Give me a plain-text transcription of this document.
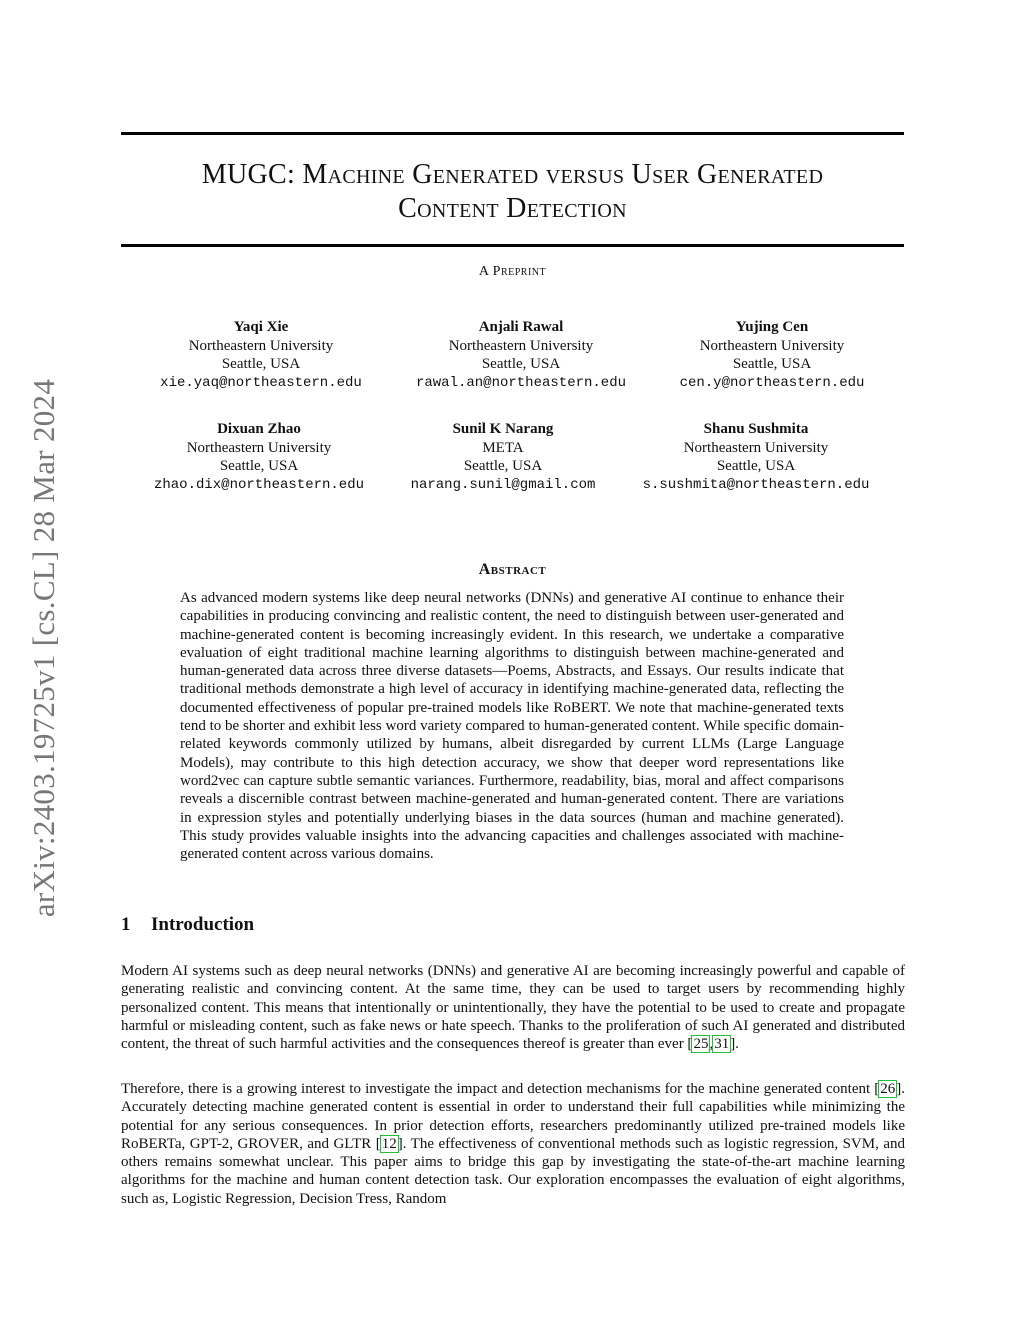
arXiv:2403.19725v1 [cs.CL] 28 Mar 2024
MUGC: Machine Generated versus User Generated
Content Detection
A Preprint
Yaqi Xie
Northeastern University
Seattle, USA
xie.yaq@northeastern.edu
Anjali Rawal
Northeastern University
Seattle, USA
rawal.an@northeastern.edu
Yujing Cen
Northeastern University
Seattle, USA
cen.y@northeastern.edu
Dixuan Zhao
Northeastern University
Seattle, USA
zhao.dix@northeastern.edu
Sunil K Narang
META
Seattle, USA
narang.sunil@gmail.com
Shanu Sushmita
Northeastern University
Seattle, USA
s.sushmita@northeastern.edu
Abstract

As advanced modern systems like deep neural networks (DNNs) and generative AI continue to enhance their capabilities in producing convincing and realistic content, the need to distinguish between user-generated and machine-generated content is becoming increasingly evident. In this research, we undertake a comparative evaluation of eight traditional machine learning algorithms to distinguish between machine-generated and human-generated data across three diverse datasets—Poems, Abstracts, and Essays. Our results indicate that traditional methods demonstrate a high level of accuracy in identifying machine-generated data, reflecting the documented effectiveness of popular pre-trained models like RoBERT. We note that machine-generated texts tend to be shorter and exhibit less word variety compared to human-generated content. While specific domain-related keywords commonly utilized by humans, albeit disregarded by current LLMs (Large Language Models), may contribute to this high detection accuracy, we show that deeper word representations like word2vec can capture subtle semantic variances. Furthermore, readability, bias, moral and affect comparisons reveals a discernible contrast between machine-generated and human-generated content. There are variations in expression styles and potentially underlying biases in the data sources (human and machine generated). This study provides valuable insights into the advancing capacities and challenges associated with machine-generated content across various domains.

1 Introduction

Modern AI systems such as deep neural networks (DNNs) and generative AI are becoming increasingly powerful and capable of generating realistic and convincing content. At the same time, they can be used to target users by recommending highly personalized content. This means that intentionally or unintentionally, they have the potential to be used to create and propagate harmful or misleading content, such as fake news or hate speech. Thanks to the proliferation of such AI generated and distributed content, the threat of such harmful activities and the consequences thereof is greater than ever [25,31].

Therefore, there is a growing interest to investigate the impact and detection mechanisms for the machine generated content [26]. Accurately detecting machine generated content is essential in order to understand their full capabilities while minimizing the potential for any serious consequences. In prior detection efforts, researchers predominantly utilized pre-trained models like RoBERTa, GPT-2, GROVER, and GLTR [12]. The effectiveness of conventional methods such as logistic regression, SVM, and others remains somewhat unclear. This paper aims to bridge this gap by investigating the state-of-the-art machine learning algorithms for the machine and human content detection task. Our exploration encompasses the evaluation of eight algorithms, such as, Logistic Regression, Decision Tress, Random
